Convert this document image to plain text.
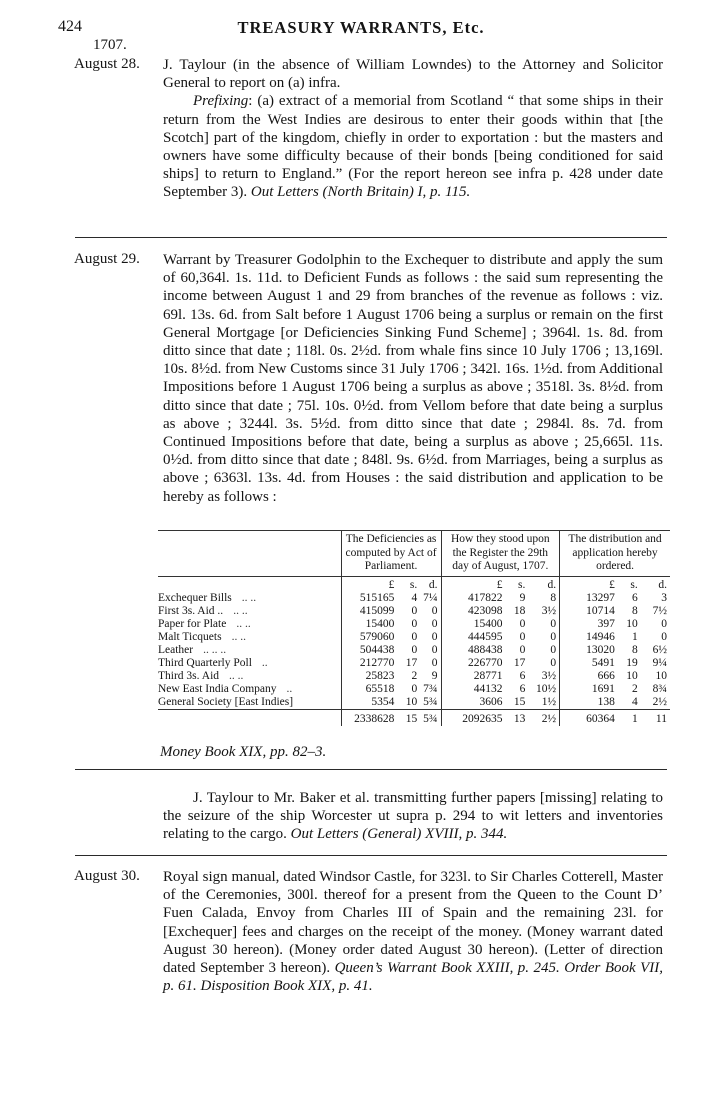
424	TREASURY WARRANTS, Etc.
1707.
August 28. J. Taylour (in the absence of William Lowndes) to the Attorney and Solicitor General to report on (a) infra.

Prefixing: (a) extract of a memorial from Scotland “ that some ships in their return from the West Indies are desirous to enter their goods within that [the Scotch] part of the kingdom, chiefly in order to exportation : but the masters and owners have some difficulty because of their bonds [being conditioned for said ships] to return to England.” (For the report hereon see infra p. 428 under date September 3). Out Letters (North Britain) I, p. 115.

August 29. Warrant by Treasurer Godolphin to the Exchequer to distribute and apply the sum of 60,364l. 1s. 11d. to Deficient Funds as follows : the said sum representing the income between August 1 and 29 from branches of the revenue as follows : viz. 69l. 13s. 6d. from Salt before 1 August 1706 being a surplus or remain on the first General Mortgage [or Deficiencies Sinking Fund Scheme] ; 3964l. 1s. 8d. from ditto since that date ; 118l. 0s. 2½d. from whale fins since 10 July 1706 ; 13,169l. 10s. 8½d. from New Customs since 31 July 1706 ; 342l. 16s. 1½d. from Additional Impositions before 1 August 1706 being a surplus as above ; 3518l. 3s. 8½d. from ditto since that date ; 75l. 10s. 0½d. from Vellom before that date being a surplus as above ; 3244l. 3s. 5½d. from ditto since that date ; 2984l. 8s. 7d. from Continued Impositions before that date, being a surplus as above ; 25,665l. 11s. 0½d. from ditto since that date ; 848l. 9s. 6½d. from Marriages, being a surplus as above ; 6363l. 13s. 4d. from Houses : the said distribution and application to be hereby as follows :

	The Deficiencies as computed by Act of Parliament.			How they stood upon the Register the 29th day of August, 1707.			The distribution and application hereby ordered.		
	£	s.	d.	£	s.	d.	£	s.	d.
Exchequer Bills .. ..	515165	4	7¼	417822	9	8	13297	6	3
First 3s. Aid .. .. ..	415099	0	0	423098	18	3½	10714	8	7½
Paper for Plate .. ..	15400	0	0	15400	0	0	397	10	0
Malt Ticquets .. ..	579060	0	0	444595	0	0	14946	1	0
Leather .. .. ..	504438	0	0	488438	0	0	13020	8	6½
Third Quarterly Poll ..	212770	17	0	226770	17	0	5491	19	9¼
Third 3s. Aid .. ..	25823	2	9	28771	6	3½	666	10	10
New East India Company ..	65518	0	7¾	44132	6	10½	1691	2	8¾
General Society [East Indies]	5354	10	5¾	3606	15	1½	138	4	2½
	2338628	15	5¾	2092635	13	2½	60364	1	11
Money Book XIX, pp. 82–3.

J. Taylour to Mr. Baker et al. transmitting further papers [missing] relating to the seizure of the ship Worcester ut supra p. 294 to wit letters and inventories relating to the cargo. Out Letters (General) XVIII, p. 344.

August 30. Royal sign manual, dated Windsor Castle, for 323l. to Sir Charles Cotterell, Master of the Ceremonies, 300l. thereof for a present from the Queen to the Count D’ Fuen Calada, Envoy from Charles III of Spain and the remaining 23l. for [Exchequer] fees and charges on the receipt of the money. (Money warrant dated August 30 hereon). (Money order dated August 30 hereon). (Letter of direction dated September 3 hereon). Queen’s Warrant Book XXIII, p. 245. Order Book VII, p. 61. Disposition Book XIX, p. 41.
